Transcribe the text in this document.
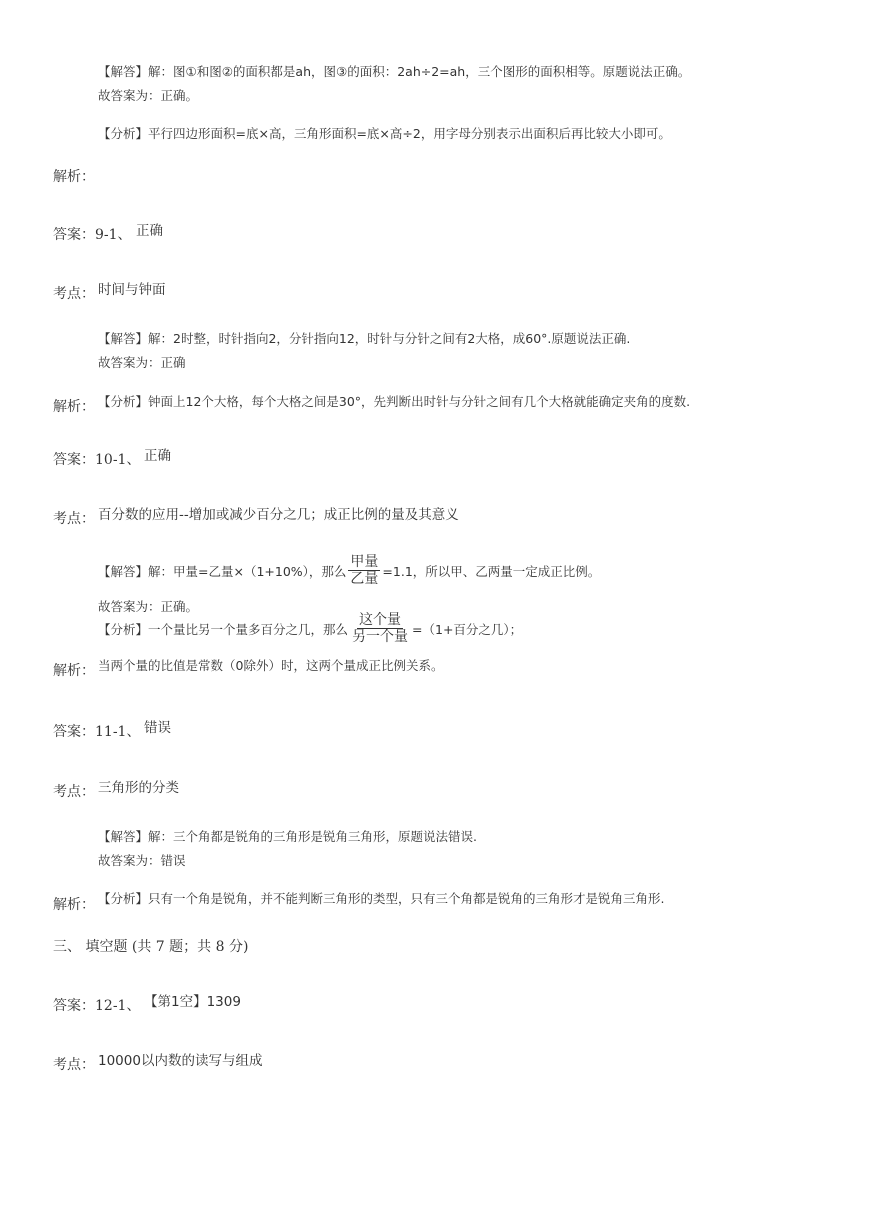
【解答】解：图①和图②的面积都是ah，图③的面积：2ah÷2=ah，三个图形的面积相等。原题说法正确。
故答案为：正确。
【分析】平行四边形面积=底×高，三角形面积=底×高÷2，用字母分别表示出面积后再比较大小即可。
解析：
答案：9-1、 正确
考点： 时间与钟面
【解答】解：2时整，时针指向2，分针指向12，时针与分针之间有2大格，成60°.原题说法正确.
故答案为：正确
解析： 【分析】钟面上12个大格，每个大格之间是30°，先判断出时针与分针之间有几个大格就能确定夹角的度数.
答案：10-1、 正确
考点： 百分数的应用--增加或减少百分之几；成正比例的量及其意义
【解答】解：甲量=乙量×（1+10%），那么 $\frac{\text{甲量}}{\text{乙量}} =1.1$，所以甲、乙两量一定成正比例。
故答案为：正确。
【分析】一个量比另一个量多百分之几，那么 $\frac{\text{这个量}}{\text{另一个量}} =(1+$百分之几）；
解析： 当两个量的比值是常数（0除外）时，这两个量成正比例关系。
答案：11-1、 错误
考点： 三角形的分类
【解答】解：三个角都是锐角的三角形是锐角三角形，原题说法错误.
故答案为：错误
解析： 【分析】只有一个角是锐角，并不能判断三角形的类型，只有三个角都是锐角的三角形才是锐角三角形.
三、 填空题 (共 7 题；共 8 分)
答案：12-1、 【第1空】1309
考点： 10000以内数的读写与组成
